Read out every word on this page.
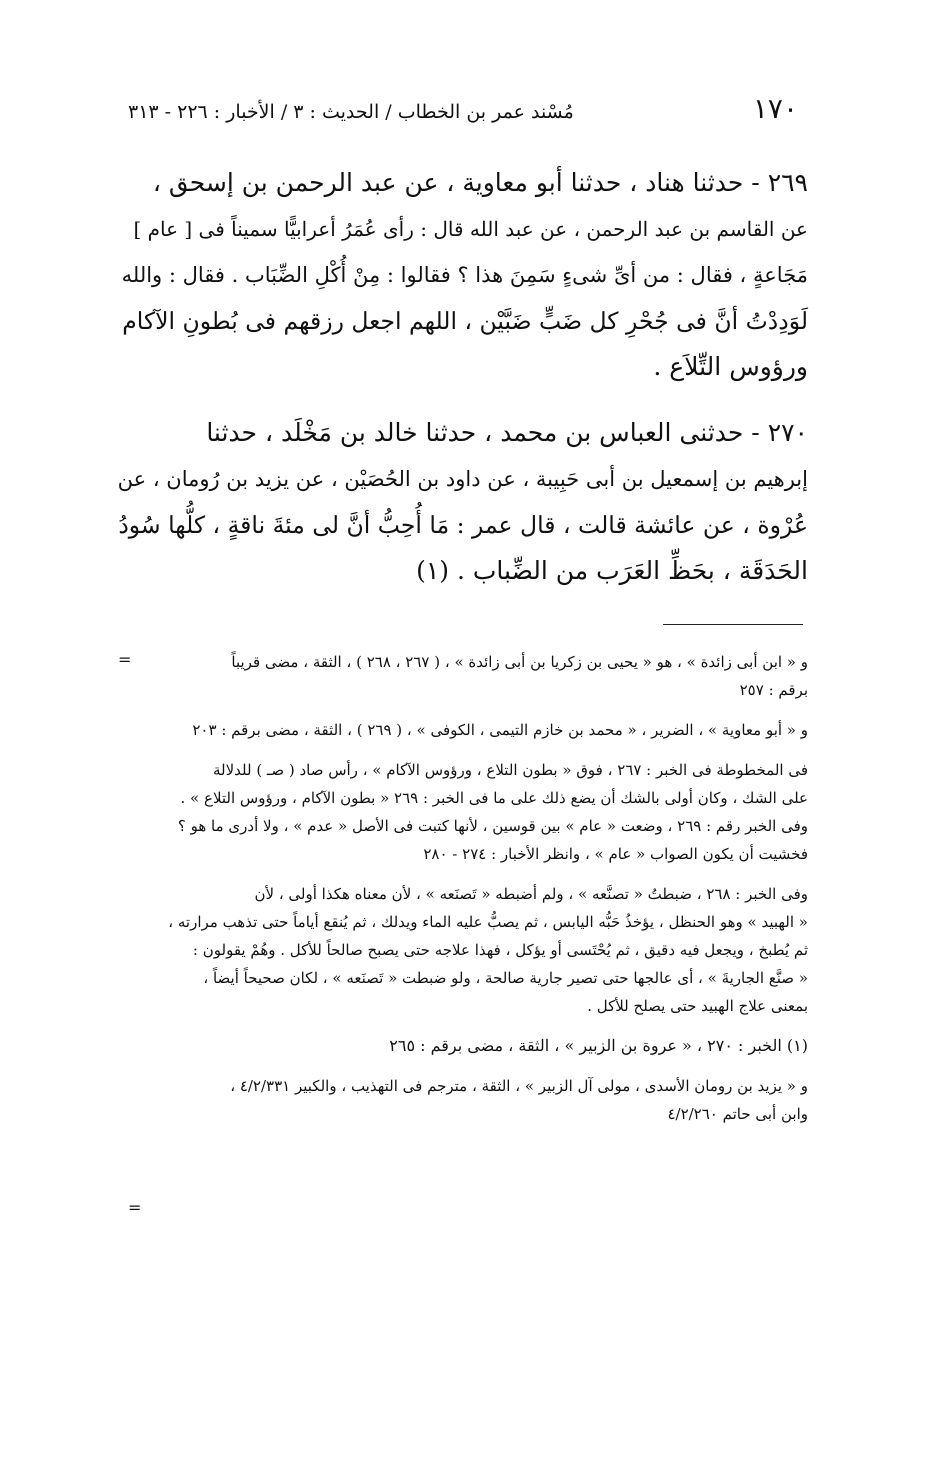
١٧٠
مُسْند عمر بن الخطاب / الحديث : ٣ / الأخبار : ٢٢٦ - ٣١٣

٢٦٩ - حدثنا هناد ، حدثنا أبو معاوية ، عن عبد الرحمن بن إسحق ،
عن القاسم بن عبد الرحمن ، عن عبد الله قال : رأى عُمَرُ أعرابيًّا سميناً فى [ عام ]
مَجَاعةٍ ، فقال : من أىِّ شىءٍ سَمِنَ هذا ؟ فقالوا : مِنْ أُكْلِ الضِّبَاب . فقال : والله
لَوَدِدْتُ أنَّ فى جُحْرِ كل ضَبٍّ ضَبَّيْن ، اللهم اجعل رزقهم فى بُطونِ الآكام
ورؤوس التِّلاَع .

٢٧٠ - حدثنى العباس بن محمد ، حدثنا خالد بن مَخْلَد ، حدثنا
إبرهيم بن إسمعيل بن أبى حَبِيبة ، عن داود بن الحُصَيْن ، عن يزيد بن رُومان ، عن
عُرْوة ، عن عائشة قالت ، قال عمر : مَا أُحِبُّ أنَّ لى مئةَ ناقةٍ ، كلُّها سُودُ
الحَدَقَة ، بحَظِّ العَرَب من الضِّباب . (١)

=	و « ابن أبى زائدة » ، هو « يحيى بن زكريا بن أبى زائدة » ، ( ٢٦٧ ، ٢٦٨ ) ، الثقة ، مضى قريباً
برقم : ٢٥٧

و « أبو معاوية » ، الضرير ، « محمد بن خازم التيمى ، الكوفى » ، ( ٢٦٩ ) ، الثقة ، مضى برقم : ٢٠٣

فى المخطوطة فى الخبر : ٢٦٧ ، فوق « بطون التلاع ، ورؤوس الآكام » ، رأس صاد ( صـ ) للدلالة
على الشك ، وكان أولى بالشك أن يضع ذلك على ما فى الخبر : ٢٦٩ « بطون الآكام ، ورؤوس التلاع » .
وفى الخبر رقم : ٢٦٩ ، وضعت « عام » بين قوسين ، لأنها كتبت فى الأصل « عدم » ، ولا أدرى ما هو ؟
فخشيت أن يكون الصواب « عام » ، وانظر الأخبار : ٢٧٤ - ٢٨٠

وفى الخبر : ٢٦٨ ، ضبطتُ « تصنَّعه » ، ولم أضبطه « تَصنَعه » ، لأن معناه هكذا أولى ، لأن
« الهبيد » وهو الحنظل ، يؤخذُ حَبُّه اليابس ، ثم يصبُّ عليه الماء ويدلك ، ثم يُنقع أياماً حتى تذهب مرارته ،
ثم يُطبخ ، ويجعل فيه دقيق ، ثم يُحْتَسى أو يؤكل ، فهذا علاجه حتى يصبح صالحاً للأكل . وهُمْ يقولون :
« صنَّع الجاريةَ » ، أى عالجها حتى تصير جارية صالحة ، ولو ضبطت « تَصنَعه » ، لكان صحيحاً أيضاً ،
بمعنى علاج الهبيد حتى يصلح للأكل .

(١) الخبر : ٢٧٠ ، « عروة بن الزبير » ، الثقة ، مضى برقم : ٢٦٥

و « يزيد بن رومان الأسدى ، مولى آل الزبير » ، الثقة ، مترجم فى التهذيب ، والكبير ٤/٢/٣٣١ ،
وابن أبى حاتم ٤/٢/٢٦٠

=
